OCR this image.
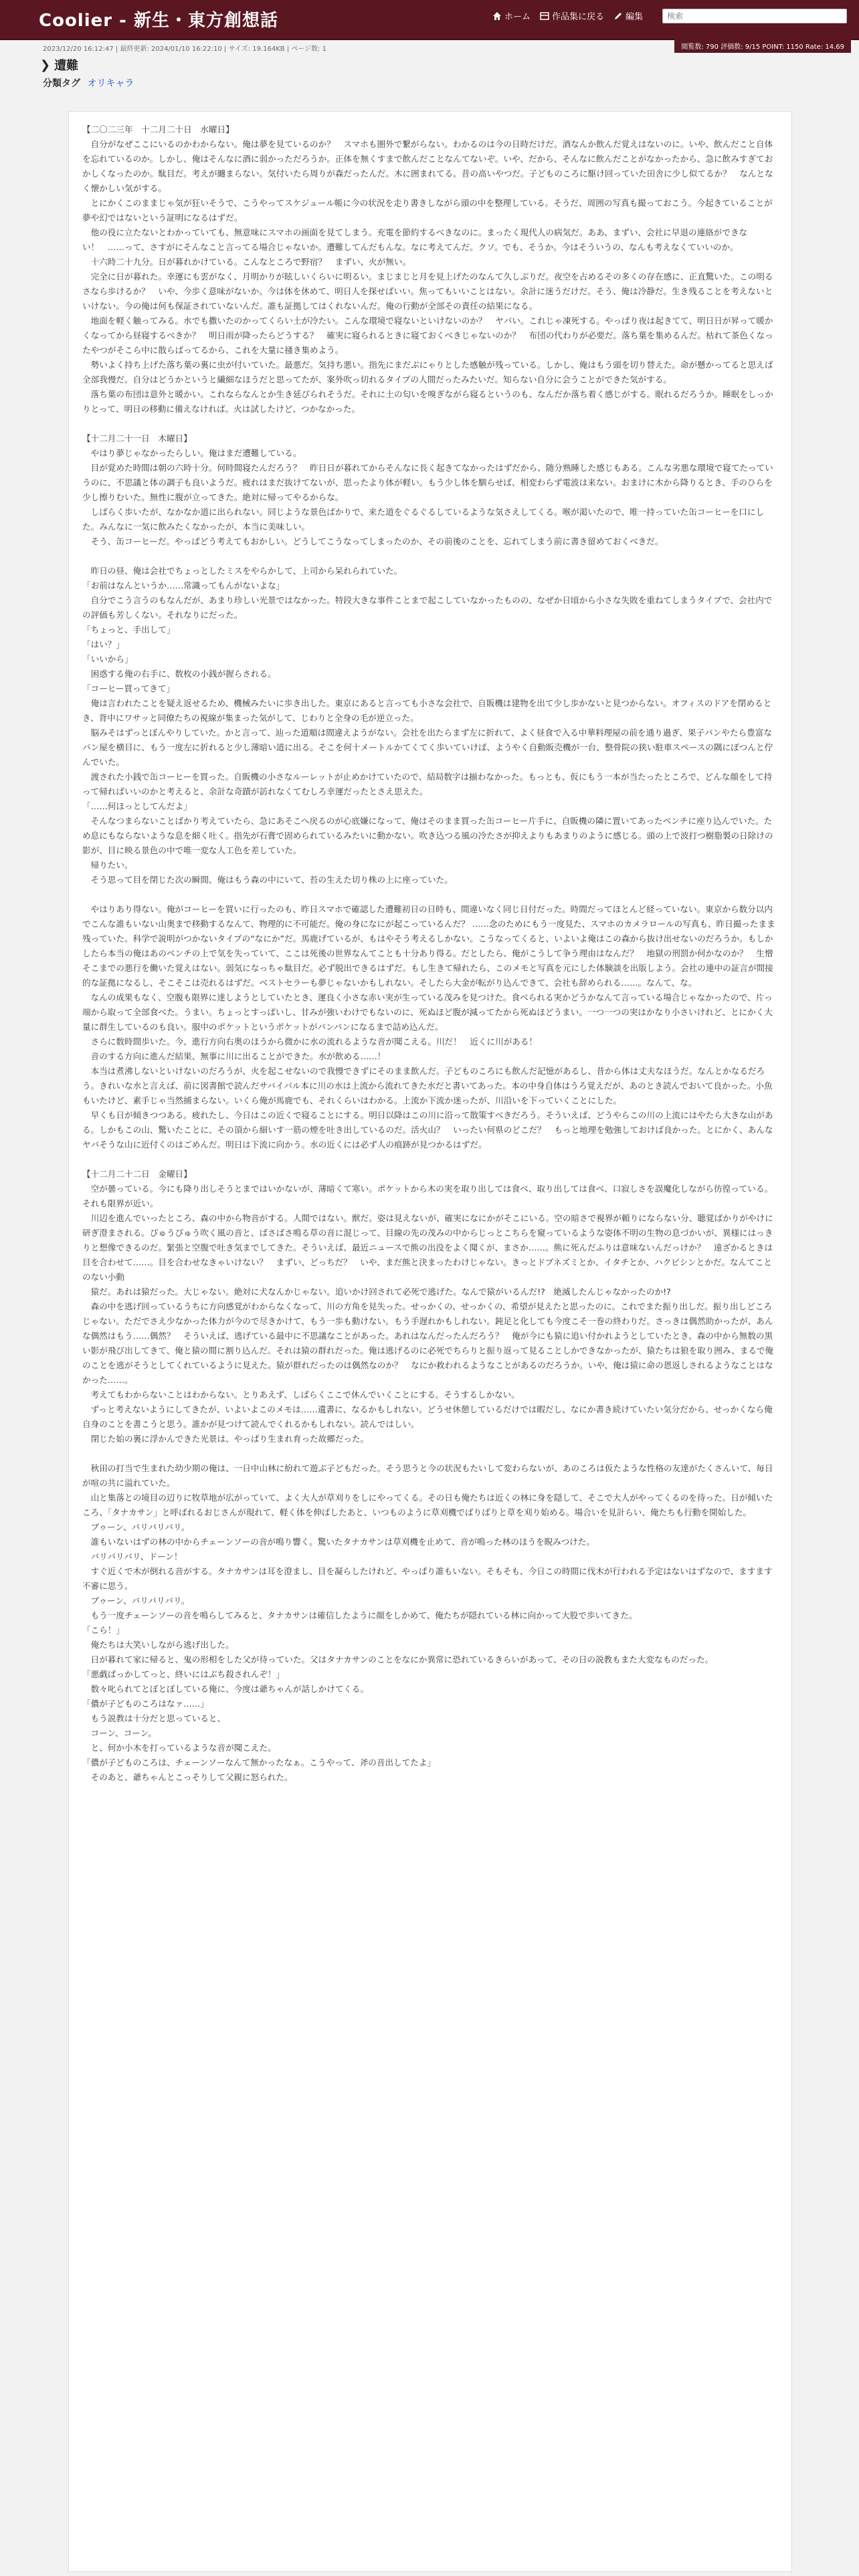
Coolier - 新生・東方創想話	ホーム 作品集に戻る 編集
検索
閲覧数: 790 評価数: 9/15 POINT: 1150 Rate: 14.69
2023/12/20 16:12:47 | 最終更新: 2024/01/10 16:22:10 | サイズ: 19.164KB | ページ数: 1
❯ 遭難
分類タグ オリキャラ

【二〇二三年　十二月二十日　水曜日】

　自分がなぜここにいるのかわからない。俺は夢を見ているのか？　スマホも圏外で繋がらない。わかるのは今の日時だけだ。酒なんか飲んだ覚えはないのに。いや、飲んだこと自体を忘れているのか。しかし、俺はそんなに酒に弱かっただろうか。正体を無くすまで飲んだことなんてないぞ。いや、だから、そんなに飲んだことがなかったから、急に飲みすぎておかしくなったのか。駄目だ。考えが纏まらない。気付いたら周りが森だったんだ。木に囲まれてる。昔の高いやつだ。子どものころに駆け回っていた田舎に少し似てるか？　なんとなく懐かしい気がする。

　とにかくこのままじゃ気が狂いそうで、こうやってスケジュール帳に今の状況を走り書きしながら頭の中を整理している。そうだ、周囲の写真も撮っておこう。今起きていることが夢や幻ではないという証明になるはずだ。

　他の役に立たないとわかっていても、無意味にスマホの画面を見てしまう。充電を節約するべきなのに。まったく現代人の病気だ。ああ、まずい、会社に早退の連絡ができない！　……って、さすがにそんなこと言ってる場合じゃないか。遭難してんだもんな。なに考えてんだ。クソ。でも、そうか。今はそういうの、なんも考えなくていいのか。

　十六時二十九分。日が暮れかけている。こんなところで野宿？　まずい、火が無い。

　完全に日が暮れた。幸運にも雲がなく、月明かりが眩しいくらいに明るい。まじまじと月を見上げたのなんて久しぶりだ。夜空を占めるその多くの存在感に、正直驚いた。この明るさなら歩けるか？　いや、今歩く意味がないか。今は体を休めて、明日人を探せばいい。焦ってもいいことはない。余計に迷うだけだ。そう、俺は冷静だ。生き残ることを考えないといけない。今の俺は何も保証されていないんだ。誰も証拠してはくれないんだ。俺の行動が全部その責任の結果になる。

　地面を軽く触ってみる。水でも撒いたのかってくらい土が冷たい。こんな環境で寝ないといけないのか？　ヤバい。これじゃ凍死する。やっぱり夜は起きてて、明日日が昇って暖かくなってから昼寝するべきか？　明日雨が降ったらどうする？　確実に寝られるときに寝ておくべきじゃないのか？　布団の代わりが必要だ。落ち葉を集めるんだ。枯れて茶色くなったやつがそこら中に散らばってるから、これを大量に掻き集めよう。

　勢いよく持ち上げた落ち葉の裏に虫が付いていた。最悪だ。気持ち悪い。指先にまだぶにゃりとした感触が残っている。しかし、俺はもう頭を切り替えた。命が懸かってると思えば全部我慢だ。自分はどうかというと繊細なほうだと思ってたが、案外吹っ切れるタイプの人間だったみたいだ。知らない自分に会うことができた気がする。

　落ち葉の布団は意外と暖かい。これならなんとか生き延びられそうだ。それに土の匂いを嗅ぎながら寝るというのも、なんだか落ち着く感じがする。眠れるだろうか。睡眠をしっかりとって、明日の移動に備えなければ。火は試したけど、つかなかった。

【十二月二十一日　木曜日】

　やはり夢じゃなかったらしい。俺はまだ遭難している。

　目が覚めた時間は朝の六時十分。何時間寝たんだろう？　昨日日が暮れてからそんなに長く起きてなかったはずだから、随分熟睡した感じもある。こんな劣悪な環境で寝てたっていうのに、不思議と体の調子も良いようだ。疲れはまだ抜けてないが、思ったより体が軽い。もう少し体を馴らせば、相変わらず電波は来ない。おまけに木から降りるとき、手のひらを少し擦りむいた。無性に腹が立ってきた。絶対に帰ってやるからな。

　しばらく歩いたが、なかなか道に出られない。同じような景色ばかりで、来た道をぐるぐるしているような気さえしてくる。喉が渇いたので、唯一持っていた缶コーヒーを口にした。みんなに一気に飲みたくなかったが、本当に美味しい。

　そう、缶コーヒーだ。やっぱどう考えてもおかしい。どうしてこうなってしまったのか、その前後のことを、忘れてしまう前に書き留めておくべきだ。

　昨日の昼、俺は会社でちょっとしたミスをやらかして、上司から呆れられていた。

「お前はなんというか……常識ってもんがないよな」

　自分でこう言うのもなんだが、あまり珍しい光景ではなかった。特段大きな事件ことまで起こしていなかったものの、なぜか日頃から小さな失敗を重ねてしまうタイプで、会社内での評価も芳しくない。それなりにだった。

「ちょっと、手出して」

「はい？」

「いいから」

　困惑する俺の右手に、数枚の小銭が握らされる。

「コーヒー買ってきて」

　俺は言われたことを疑え返せるため、機械みたいに歩き出した。東京にあると言っても小さな会社で、自販機は建物を出て少し歩かないと見つからない。オフィスのドアを閉めるとき、背中にワサッと同僚たちの視線が集まった気がして、じわりと全身の毛が逆立った。

　脳みそはずっとぼんやりしていた。かと言って、辿った道順は間違えようがない。会社を出たらまず左に折れて、よく昼食で入る中華料理屋の前を通り過ぎ、果子パンやたら豊富なパン屋を横目に、もう一度左に折れると少し薄暗い道に出る。そこを何十メートルかてくてく歩いていけば、ようやく自動販売機が一台、整骨院の狭い駐車スペースの隅にぽつんと佇んでいた。

　渡された小銭で缶コーヒーを買った。自販機の小さなルーレットが止めかけていたので、結局数字は揃わなかった。もっとも、仮にもう一本が当たったところで、どんな顔をして持って帰ればいいのかと考えると、余計な奇蹟が訪れなくてむしろ幸運だったとさえ思えた。

「……何ほっとしてんだよ」

　そんなつまらないことばかり考えていたら、急にあそこへ戻るのが心底嫌になって、俺はそのまま買った缶コーヒー片手に、自販機の隣に置いてあったベンチに座り込んでいた。ため息にもならないような息を細く吐く。指先が石膏で固められているみたいに動かない。吹き込つる風の冷たさが抑えよりもあまりのように感じる。頭の上で波打つ樹脂製の日除けの影が、目に映る景色の中で唯一変な人工色を差していた。

　帰りたい。

　そう思って目を閉じた次の瞬間、俺はもう森の中にいて、苔の生えた切り株の上に座っていた。

　やはりあり得ない。俺がコーヒーを買いに行ったのも、昨日スマホで確認した遭難初日の日時も、間違いなく同じ日付だった。時間だってほとんど経っていない。東京から数分以内でこんな誰もいない山奥まで移動するなんて、物理的に不可能だ。俺の身になにが起こっているんだ？ ……念のためにもう一度見た、スマホのカメラロールの写真も、昨日撮ったまま残っていた。科学で説明がつかないタイプの“なにか”だ。馬鹿げているが、もはやそう考えるしかない。こうなってくると、いよいよ俺はこの森から抜け出せないのだろうか。もしかしたら本当の俺はあのベンチの上で気を失っていて、ここは死後の世界なんてことも十分あり得る。だとしたら、俺がこうして争う理由はなんだ？　地獄の刑罰か何かなのか？　生憎そこまでの悪行を働いた覚えはない。弱気になっちゃ駄目だ。必ず脱出できるはずだ。もし生きて帰れたら、このメモと写真を元にした体験談を出版しよう。会社の連中の証言が間接的な証拠になるし、そこそこは売れるはずだ。ベストセラーも夢じゃないかもしれない。そしたら大金が転がり込んできて、会社も辞められる……。なんて、な。

　なんの成果もなく、空腹も限界に達しようとしていたとき、運良く小さな赤い実が生っている茂みを見つけた。食べられる実かどうかなんて言っている場合じゃなかったので、片っ端から取って全部食べた。うまい。ちょっとすっぱいし、甘みが強いわけでもないのに、死ぬほど腹が減ってたから死ぬほどうまい。一つ一つの実はかなり小さいけれど、とにかく大量に群生しているのも良い。服中のポケットというポケットがパンパンになるまで詰め込んだ。

　さらに数時間歩いた。今、進行方向右奥のほうから微かに水の流れるような音が聞こえる。川だ！　近くに川がある！

　音のする方向に進んだ結果、無事に川に出ることができた。水が飲める……！

　本当は煮沸しないといけないのだろうが、火を起こせないので我慢できずにそのまま飲んだ。子どものころにも飲んだ記憶があるし、昔から体は丈夫なほうだ。なんとかなるだろう。きれいな水と言えば、前に図書館で読んだサバイバル本に川の水は上流から流れてきた水だと書いてあった。本の中身自体はうろ覚えだが、あのとき読んでおいて良かった。小魚もいたけど、素手じゃ当然捕まらない。いくら俺が馬鹿でも、それくらいはわかる。上流か下流か迷ったが、川沿いを下っていくことにした。

　早くも日が傾きつつある。疲れたし、今日はこの近くで寝ることにする。明日以降はこの川に沿って散策すべきだろう。そういえば、どうやらこの川の上流にはやたら大きな山がある。しかもこの山、驚いたことに、その頂から細いす一筋の煙を吐き出しているのだ。活火山？　いったい何県のどこだ？　もっと地理を勉強しておけば良かった。とにかく、あんなヤバそうな山に近付くのはごめんだ。明日は下流に向かう。水の近くには必ず人の痕跡が見つかるはずだ。

【十二月二十二日　金曜日】

　空が曇っている。今にも降り出しそうとまではいかないが、薄暗くて寒い。ポケットから木の実を取り出しては食べ、取り出しては食べ、口寂しさを誤魔化しながら彷徨っている。それも限界が近い。

　川辺を進んでいったところ、森の中から物音がする。人間ではない。獣だ。姿は見えないが、確実になにかがそこにいる。空の暗さで視界が頼りにならない分、聴覚ばかりがやけに研ぎ澄まされる。ぴゅうぴゅう吹く風の音と、ばさばさ鳴る草の音に混じって、目線の先の茂みの中からじっとこちらを窺っているような姿体不明の生物の息づかいが、異様にはっきりと想像できるのだ。緊張と空腹で吐き気までしてきた。そういえば、最近ニュースで熊の出没をよく聞くが、まさか……。熊に死んだふりは意味ないんだっけか？　遠ざかるときは目を合わせて……。目を合わせなきゃいけない？　まずい、どっちだ？　いや、まだ熊と決まったわけじゃない。きっとドブネズミとか、イタチとか、ハクビシンとかだ。なんてことのない小動

　猿だ。あれは猿だった。大じゃない。絶対に犬なんかじゃない。追いかけ回されて必死で逃げた。なんで猿がいるんだ!?　絶滅したんじゃなかったのか!?

　森の中を逃げ回っているうちに方向感覚がわからなくなって、川の方角を見失った。せっかくの、せっかくの、希望が見えたと思ったのに。これでまた振り出しだ。振り出しどころじゃない。ただでさえ少なかった体力が今ので尽きかけて、もう一歩も動けない。もう手遅れかもしれない。鈍足と化しても今度こそ一巻の終わりだ。さっきは偶然助かったが、あんな偶然はもう……偶然？　そういえば、逃げている最中に不思議なことがあった。あれはなんだったんだろう？　俺が今にも猿に追い付かれようとしていたとき、森の中から無数の黒い影が飛び出してきて、俺と猿の間に割り込んだ。それは猿の群れだった。俺は逃げるのに必死でちらりと振り返って見ることしかできなかったが、猿たちは狼を取り囲み、まるで俺のことを逃がそうとしてくれているように見えた。猿が群れだったのは偶然なのか？　なにか救われるようなことがあるのだろうか。いや、俺は猿に命の恩返しされるようなことはなかった……。

　考えてもわからないことはわからない。とりあえず、しばらくここで休んでいくことにする。そうするしかない。

　ずっと考えないようにしてきたが、いよいよこのメモは……遺書に、なるかもしれない。どうせ休憩しているだけでは暇だし、なにか書き続けていたい気分だから、せっかくなら俺自身のことを書こうと思う。誰かが見つけて読んでくれるかもしれない。読んではしい。

　閉じた始の裏に浮かんできた光景は、やっぱり生まれ育った故郷だった。

　秋田の打当で生まれた幼少期の俺は、一日中山林に紛れて遊ぶ子どもだった。そう思うと今の状況もたいして変わらないが、あのころは仮たような性格の友達がたくさんいて、毎日が喧の共に溢れていた。

　山と集落との境目の辺りに牧草地が広がっていて、よく大人が草刈りをしにやってくる。その日も俺たちは近くの林に身を隠して、そこで大人がやってくるのを待った。日が傾いたころ、「タナカサン」と呼ばれるおじさんが現れて、軽く体を伸ばしたあと、いつものように草刈機でばりばりと草を刈り始める。場合いを見計らい、俺たちも行動を開始した。

　ブゥーン、バリバリバリ。

　誰もいないはずの林の中からチェーンソーの音が鳴り響く。驚いたタナカサンは草刈機を止めて、音が鳴った林のほうを睨みつけた。

　バリバリバリ、ドーン！

　すぐ近くで木が倒れる音がする。タナカサンは耳を澄まし、目を凝らしたけれど、やっぱり誰もいない。そもそも、今日この時間に伐木が行われる予定はないはずなので、ますます不審に思う。

　ブゥーン、バリバリバリ。

　もう一度チェーンソーの音を鳴らしてみると、タナカサンは確信したように顔をしかめて、俺たちが隠れている林に向かって大股で歩いてきた。

「こら！」

　俺たちは大笑いしながら逃げ出した。

　日が暮れて家に帰ると、鬼の形相をした父が待っていた。父はタナカサンのことをなにか異常に恐れているきらいがあって、その日の説教もまた大変なものだった。

「悪戯ばっかしてっと、終いにはぶち殺されんぞ！」

　数々叱られてとぼとぼしている俺に、今度は爺ちゃんが話しかけてくる。

「儂が子どものころはなァ……」

　もう説教は十分だと思っていると、

　コーン、コーン。

　と、何か小木を打っているような音が聞こえた。

「儂が子どものころは、チェーンソーなんて無かったなぁ。こうやって、斧の音出してたよ」

　そのあと、爺ちゃんとこっそりして父親に怒られた。
